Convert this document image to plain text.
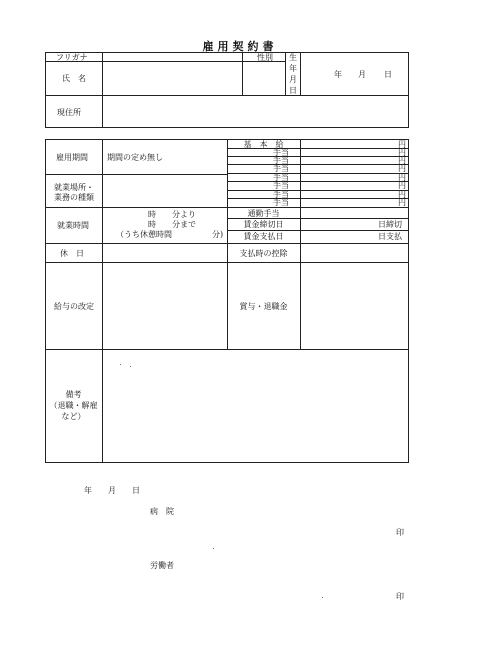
雇用契約書
フリガナ
氏　名
性別	生
年
月
日
年 月 日
現住所
雇用期間 期間の定め無し
就業場所・
業務の種類
就業時間
時　　分より
時　　分まで
（うち休憩時間　　　　　分)
休　日
給与の改定
備考
（退職・解雇
など）
基　本　給
手当
手当
手当
手当
手当
手当
手当
通勤手当
賃金締切日
賃金支払日
支払時の控除
賞与・退職金
円
円
円
円
円
円
円
円
日締切
日支払
年　　月　　日
病　院
印
労働者
印
